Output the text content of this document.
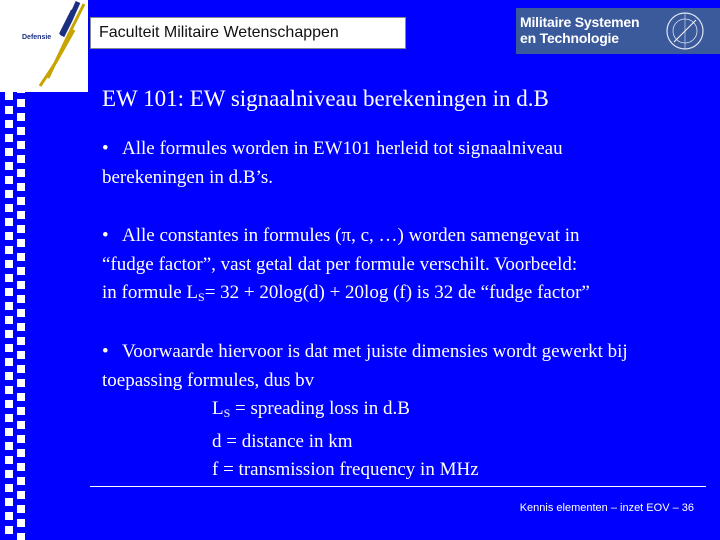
Defensie	Faculteit Militaire Wetenschappen
Militaire Systemen
en Technologie
EW 101: EW signaalniveau berekeningen in d.B
• Alle formules worden in EW101 herleid tot signaalniveau
berekeningen in d.B’s.
• Alle constantes in formules (π, c, …) worden samengevat in
“fudge factor”, vast getal dat per formule verschilt. Voorbeeld:
in formule $L_S= 32 + 20\log(d) + 20\log$ (f) is 32 de “fudge factor”
• Voorwaarde hiervoor is dat met juiste dimensies wordt gewerkt bij
toepassing formules, dus bv
$L_S$ = spreading loss in d.B
d = distance in km
f = transmission frequency in MHz
Kennis elementen – inzet EOV – 36
